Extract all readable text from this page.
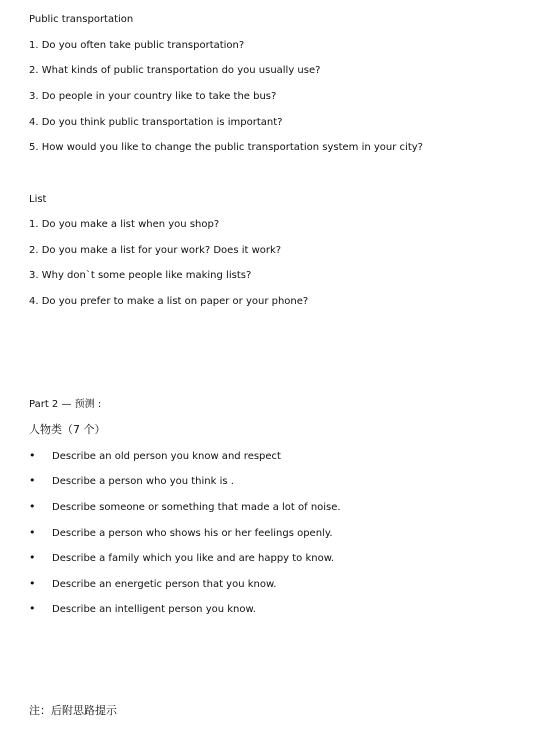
Public transportation
1. Do you often take public transportation?
2. What kinds of public transportation do you usually use?
3. Do people in your country like to take the bus?
4. Do you think public transportation is important?
5. How would you like to change the public transportation system in your city?
List
1. Do you make a list when you shop?
2. Do you make a list for your work? Does it work?
3. Why don`t some people like making lists?
4. Do you prefer to make a list on paper or your phone?
Part 2 — 预测 :
人物类（7 个）
• Describe an old person you know and respect
• Describe a person who you think is .
• Describe someone or something that made a lot of noise.
• Describe a person who shows his or her feelings openly.
• Describe a family which you like and are happy to know.
• Describe an energetic person that you know.
• Describe an intelligent person you know.
注：后附思路提示
